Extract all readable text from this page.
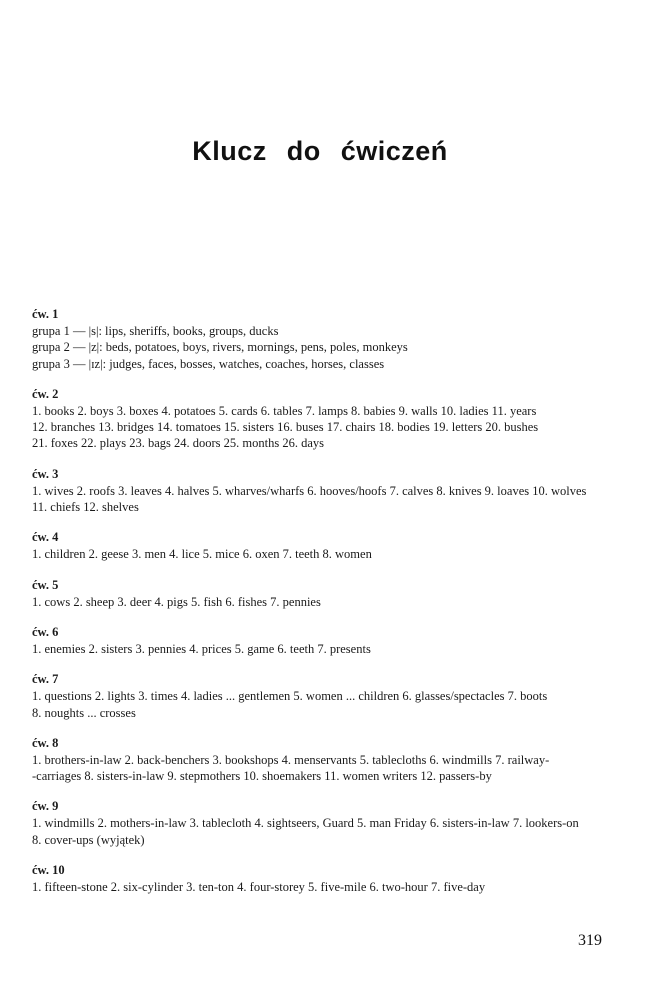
Klucz do ćwiczeń
ćw. 1
grupa 1 — |s|: lips, sheriffs, books, groups, ducks
grupa 2 — |z|: beds, potatoes, boys, rivers, mornings, pens, poles, monkeys
grupa 3 — |ɪz|: judges, faces, bosses, watches, coaches, horses, classes
ćw. 2
1. books 2. boys 3. boxes 4. potatoes 5. cards 6. tables 7. lamps 8. babies 9. walls 10. ladies 11. years
12. branches 13. bridges 14. tomatoes 15. sisters 16. buses 17. chairs 18. bodies 19. letters 20. bushes
21. foxes 22. plays 23. bags 24. doors 25. months 26. days
ćw. 3
1. wives 2. roofs 3. leaves 4. halves 5. wharves/wharfs 6. hooves/hoofs 7. calves 8. knives 9. loaves 10. wolves
11. chiefs 12. shelves
ćw. 4
1. children 2. geese 3. men 4. lice 5. mice 6. oxen 7. teeth 8. women
ćw. 5
1. cows 2. sheep 3. deer 4. pigs 5. fish 6. fishes 7. pennies
ćw. 6
1. enemies 2. sisters 3. pennies 4. prices 5. game 6. teeth 7. presents
ćw. 7
1. questions 2. lights 3. times 4. ladies ... gentlemen 5. women ... children 6. glasses/spectacles 7. boots
8. noughts ... crosses
ćw. 8
1. brothers-in-law 2. back-benchers 3. bookshops 4. menservants 5. tablecloths 6. windmills 7. railway-
-carriages 8. sisters-in-law 9. stepmothers 10. shoemakers 11. women writers 12. passers-by
ćw. 9
1. windmills 2. mothers-in-law 3. tablecloth 4. sightseers, Guard 5. man Friday 6. sisters-in-law 7. lookers-on
8. cover-ups (wyjątek)
ćw. 10
1. fifteen-stone 2. six-cylinder 3. ten-ton 4. four-storey 5. five-mile 6. two-hour 7. five-day
319
